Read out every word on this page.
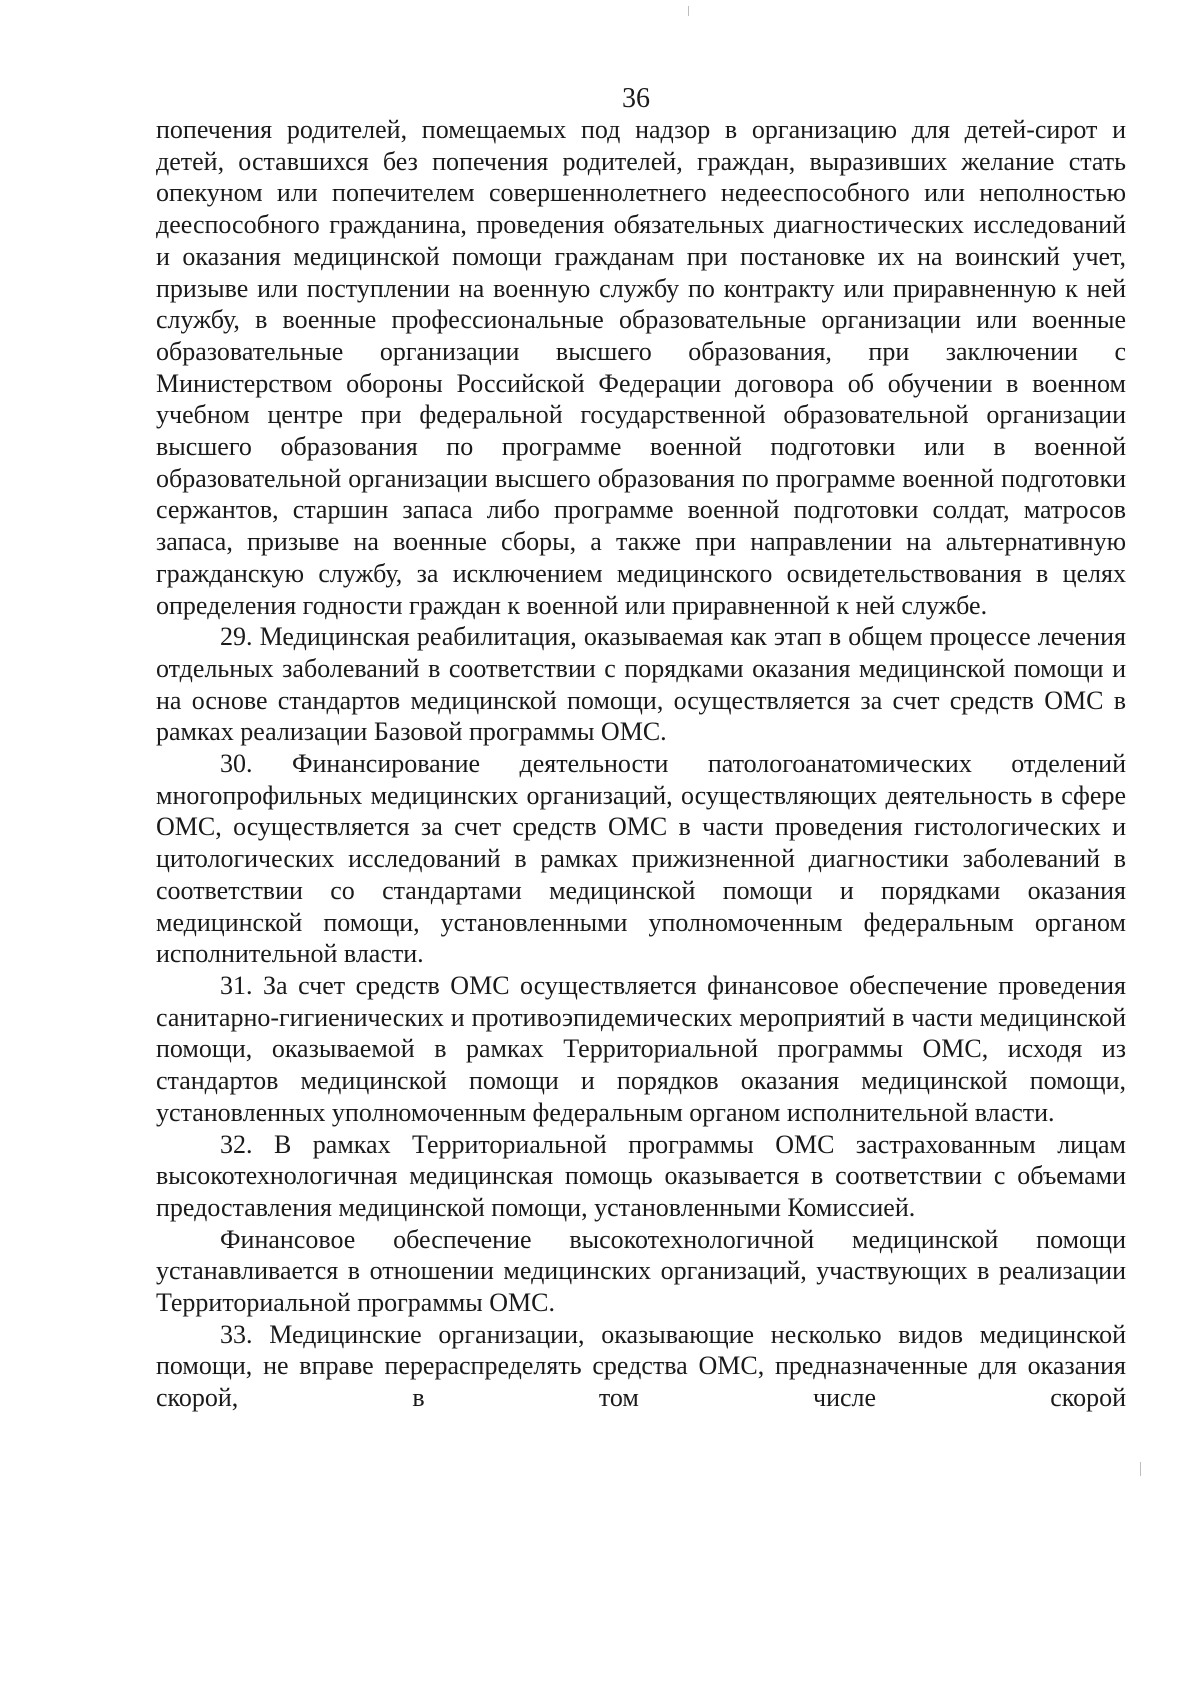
36

попечения родителей, помещаемых под надзор в организацию для детей-сирот и детей, оставшихся без попечения родителей, граждан, выразивших желание стать опекуном или попечителем совершеннолетнего недееспособного или неполностью дееспособного гражданина, проведения обязательных диагностических исследований и оказания медицинской помощи гражданам при постановке их на воинский учет, призыве или поступлении на военную службу по контракту или приравненную к ней службу, в военные профессиональные образовательные организации или военные образовательные организации высшего образования, при заключении с Министерством обороны Российской Федерации договора об обучении в военном учебном центре при федеральной государственной образовательной организации высшего образования по программе военной подготовки или в военной образовательной организации высшего образования по программе военной подготовки сержантов, старшин запаса либо программе военной подготовки солдат, матросов запаса, призыве на военные сборы, а также при направлении на альтернативную гражданскую службу, за исключением медицинского освидетельствования в целях определения годности граждан к военной или приравненной к ней службе.

29. Медицинская реабилитация, оказываемая как этап в общем процессе лечения отдельных заболеваний в соответствии с порядками оказания медицинской помощи и на основе стандартов медицинской помощи, осуществляется за счет средств ОМС в рамках реализации Базовой программы ОМС.

30. Финансирование деятельности патологоанатомических отделений многопрофильных медицинских организаций, осуществляющих деятельность в сфере ОМС, осуществляется за счет средств ОМС в части проведения гистологических и цитологических исследований в рамках прижизненной диагностики заболеваний в соответствии со стандартами медицинской помощи и порядками оказания медицинской помощи, установленными уполномоченным федеральным органом исполнительной власти.

31. За счет средств ОМС осуществляется финансовое обеспечение проведения санитарно-гигиенических и противоэпидемических мероприятий в части медицинской помощи, оказываемой в рамках Территориальной программы ОМС, исходя из стандартов медицинской помощи и порядков оказания медицинской помощи, установленных уполномоченным федеральным органом исполнительной власти.

32. В рамках Территориальной программы ОМС застрахованным лицам высокотехнологичная медицинская помощь оказывается в соответствии с объемами предоставления медицинской помощи, установленными Комиссией.

Финансовое обеспечение высокотехнологичной медицинской помощи устанавливается в отношении медицинских организаций, участвующих в реализации Территориальной программы ОМС.

33. Медицинские организации, оказывающие несколько видов медицинской помощи, не вправе перераспределять средства ОМС, предназначенные для оказания скорой, в том числе скорой
